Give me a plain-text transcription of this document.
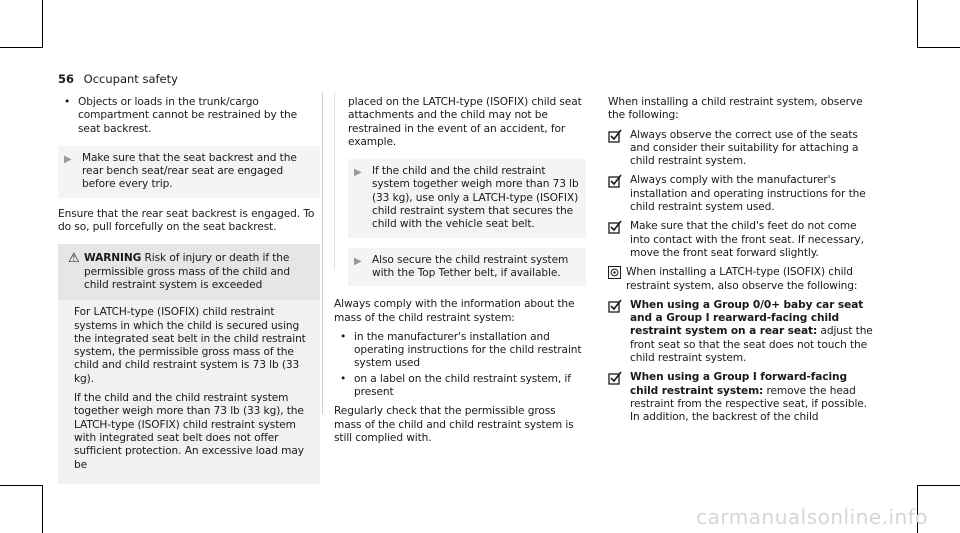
56 Occupant safety
• Objects or loads in the trunk/cargo compartment cannot be restrained by the seat backrest.
▶ Make sure that the seat backrest and the rear bench seat/rear seat are engaged before every trip.

Ensure that the rear seat backrest is engaged. To do so, pull forcefully on the seat backrest.

⚠ WARNING Risk of injury or death if the permissible gross mass of the child and child restraint system is exceeded

For LATCH-type (ISOFIX) child restraint systems in which the child is secured using the integrated seat belt in the child restraint system, the permissible gross mass of the child and child restraint system is 73 lb (33 kg).

If the child and the child restraint system together weigh more than 73 lb (33 kg), the LATCH-type (ISOFIX) child restraint system with integrated seat belt does not offer sufficient protection. An excessive load may be

placed on the LATCH-type (ISOFIX) child seat attachments and the child may not be restrained in the event of an accident, for example.

▶ If the child and the child restraint system together weigh more than 73 lb (33 kg), use only a LATCH-type (ISOFIX) child restraint system that secures the child with the vehicle seat belt.
▶ Also secure the child restraint system with the Top Tether belt, if available.

Always comply with the information about the mass of the child restraint system:

• in the manufacturer's installation and operating instructions for the child restraint system used
• on a label on the child restraint system, if present

Regularly check that the permissible gross mass of the child and child restraint system is still complied with.

When installing a child restraint system, observe the following:

Always observe the correct use of the seats and consider their suitability for attaching a child restraint system.
Always comply with the manufacturer's installation and operating instructions for the child restraint system used.
Make sure that the child's feet do not come into contact with the front seat. If necessary, move the front seat forward slightly.
When installing a LATCH-type (ISOFIX) child restraint system, also observe the following:
When using a Group 0/0+ baby car seat and a Group I rearward-facing child restraint system on a rear seat: adjust the front seat so that the seat does not touch the child restraint system.
When using a Group I forward-facing child restraint system: remove the head restraint from the respective seat, if possible. In addition, the backrest of the child
carmanualsonline.info
